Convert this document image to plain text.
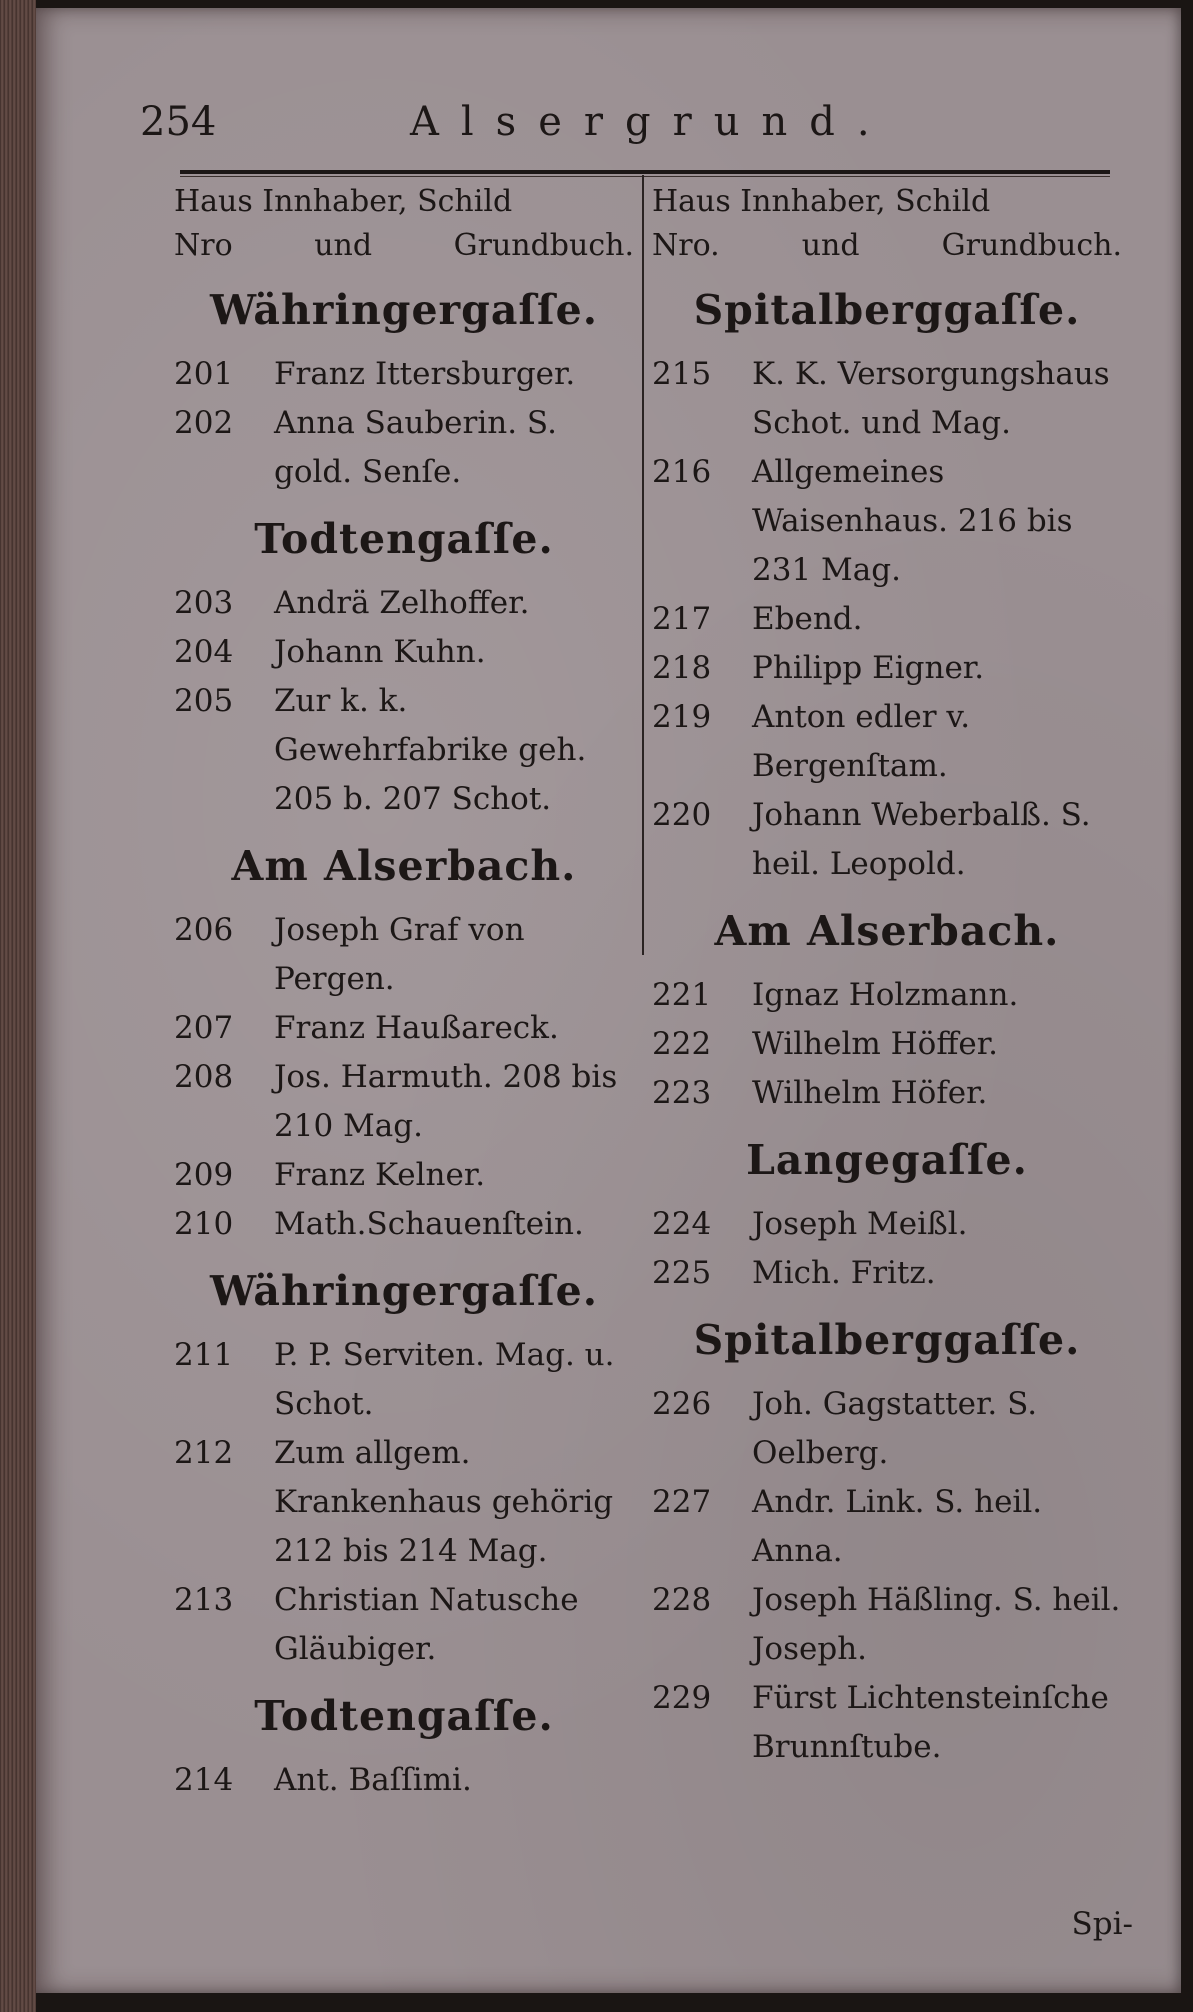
254	Alsergrund.
Haus Innhaber, Schild
Nro	und	Grundbuch.
Währingergaſſe.
201	Franz Ittersburger.
202	Anna Sauberin. S. gold. Senſe.
Todtengaſſe.
203	Andrä Zelhoffer.
204	Johann Kuhn.
205	Zur k. k. Gewehrfabrike geh. 205 b. 207 Schot.
Am Alserbach.
206	Joseph Graf von Pergen.
207	Franz Haußareck.
208	Jos. Harmuth. 208 bis 210 Mag.
209	Franz Kelner.
210	Math.Schauenſtein.
Währingergaſſe.
211	P. P. Serviten. Mag. u. Schot.
212	Zum allgem. Krankenhaus gehörig 212 bis 214 Mag.
213	Christian Natusche Gläubiger.
Todtengaſſe.
214	Ant. Baſſimi.
Haus Innhaber, Schild
Nro.	und	Grundbuch.
Spitalberggaſſe.
215	K. K. Versorgungshaus Schot. und Mag.
216	Allgemeines Waisenhaus. 216 bis 231 Mag.
217	Ebend.
218	Philipp Eigner.
219	Anton edler v. Bergenſtam.
220	Johann Weberbalß. S. heil. Leopold.
Am Alserbach.
221	Ignaz Holzmann.
222	Wilhelm Höffer.
223	Wilhelm Höfer.
Langegaſſe.
224	Joseph Meißl.
225	Mich. Fritz.
Spitalberggaſſe.
226	Joh. Gagstatter. S. Oelberg.
227	Andr. Link. S. heil. Anna.
228	Joseph Häßling. S. heil. Joseph.
229	Fürst Lichtensteinſche Brunnſtube.
Spi-
